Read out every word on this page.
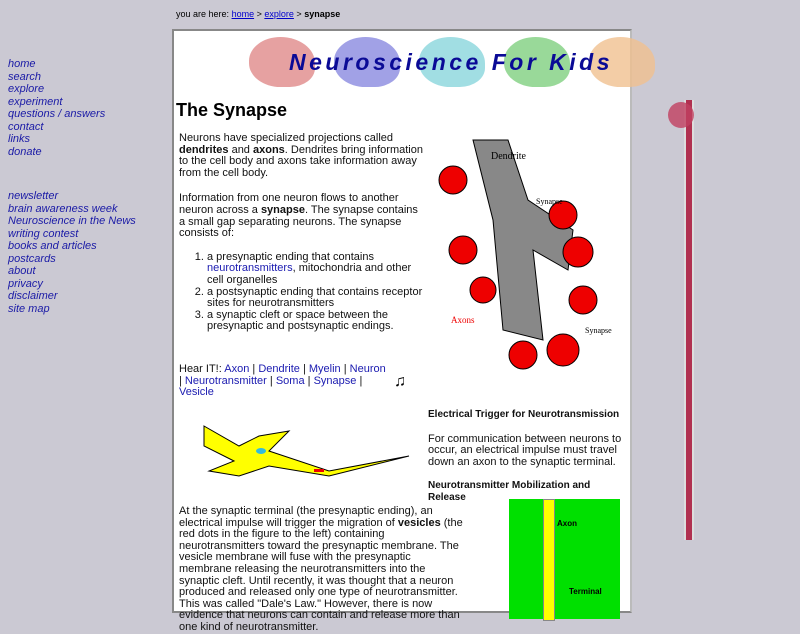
you are here: home > explore > synapse
home
search
explore
experiment
questions / answers
contact
links
donate
newsletter
brain awareness week
Neuroscience in the News
writing contest
books and articles
postcards
about
privacy
disclaimer
site map
Neuroscience For Kids
The Synapse

Neurons have specialized projections called dendrites and axons. Dendrites bring information to the cell body and axons take information away from the cell body.

Information from one neuron flows to another neuron across a synapse. The synapse contains a small gap separating neurons. The synapse consists of:

1. a presynaptic ending that contains neurotransmitters, mitochondria and other cell organelles
2. a postsynaptic ending that contains receptor sites for neurotransmitters
3. a synaptic cleft or space between the presynaptic and postsynaptic endings.
Dendrite
Synapse
Axons
Synapse
Hear IT!: Axon | Dendrite | Myelin | Neuron | Neurotransmitter | Soma | Synapse | Vesicle
♫
Electrical Trigger for Neurotransmission

For communication between neurons to occur, an electrical impulse must travel down an axon to the synaptic terminal.

Neurotransmitter Mobilization and Release
At the synaptic terminal (the presynaptic ending), an electrical impulse will trigger the migration of vesicles (the red dots in the figure to the left) containing neurotransmitters toward the presynaptic membrane. The vesicle membrane will fuse with the presynaptic membrane releasing the neurotransmitters into the synaptic cleft. Until recently, it was thought that a neuron produced and released only one type of neurotransmitter. This was called "Dale's Law." However, there is now evidence that neurons can contain and release more than one kind of neurotransmitter.
Axon
Terminal
